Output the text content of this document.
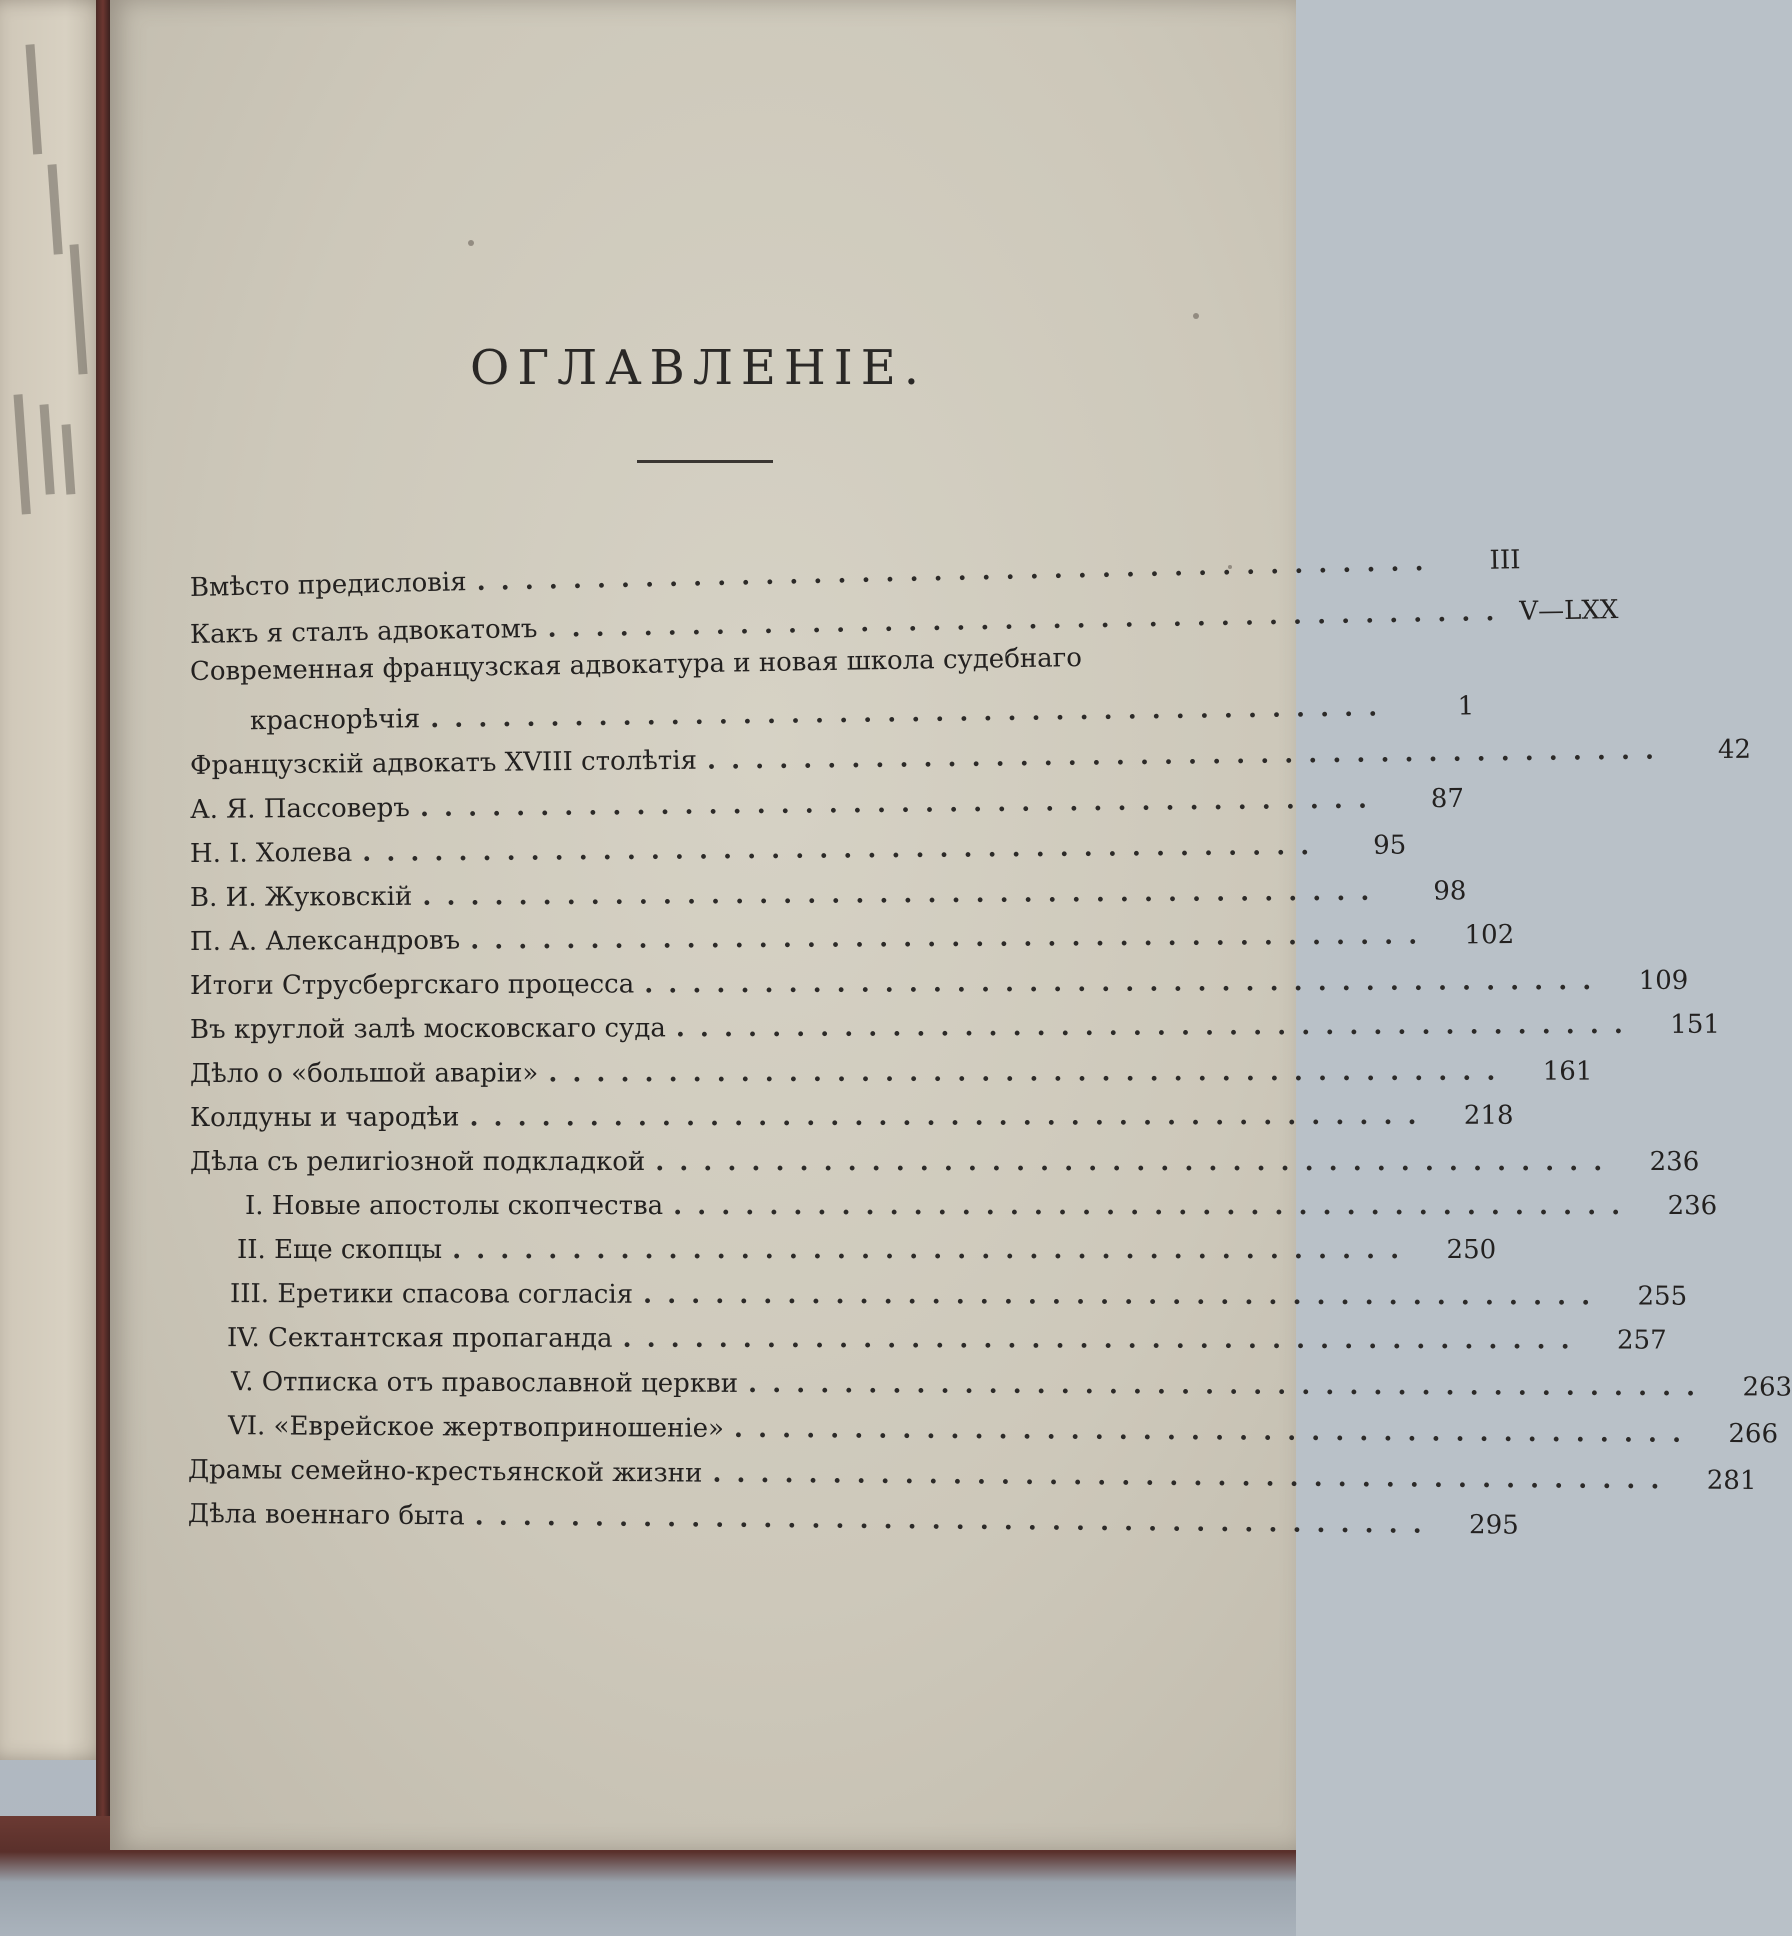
ОГЛАВЛЕНІЕ.
Вмѣсто предисловія ........................................	III
Какъ я сталъ адвокатомъ ........................................ V—LXX
Современная французская адвокатура и новая школа судебнаго
краснорѣчія ........................................	1
Французскій адвокатъ XVIII столѣтія ........................................	42
А. Я. Пассоверъ ........................................	87
Н. І. Холева ........................................	95
В. И. Жуковскій ........................................	98
П. А. Александровъ ........................................	102
Итоги Струсбергскаго процесса ........................................	109
Въ круглой залѣ московскаго суда ........................................	151
Дѣло о «большой аваріи» ........................................	161
Колдуны и чародѣи ........................................	218
Дѣла съ религіозной подкладкой ........................................	236
I. Новые апостолы скопчества ........................................	236
II. Еще скопцы ........................................	250
III. Еретики спасова согласія ........................................	255
IV. Сектантская пропаганда ........................................	257
V. Отписка отъ православной церкви ........................................	263
VI. «Еврейское жертвоприношеніе» ........................................	266
Драмы семейно-крестьянской жизни ........................................	281
Дѣла военнаго быта ........................................	295
